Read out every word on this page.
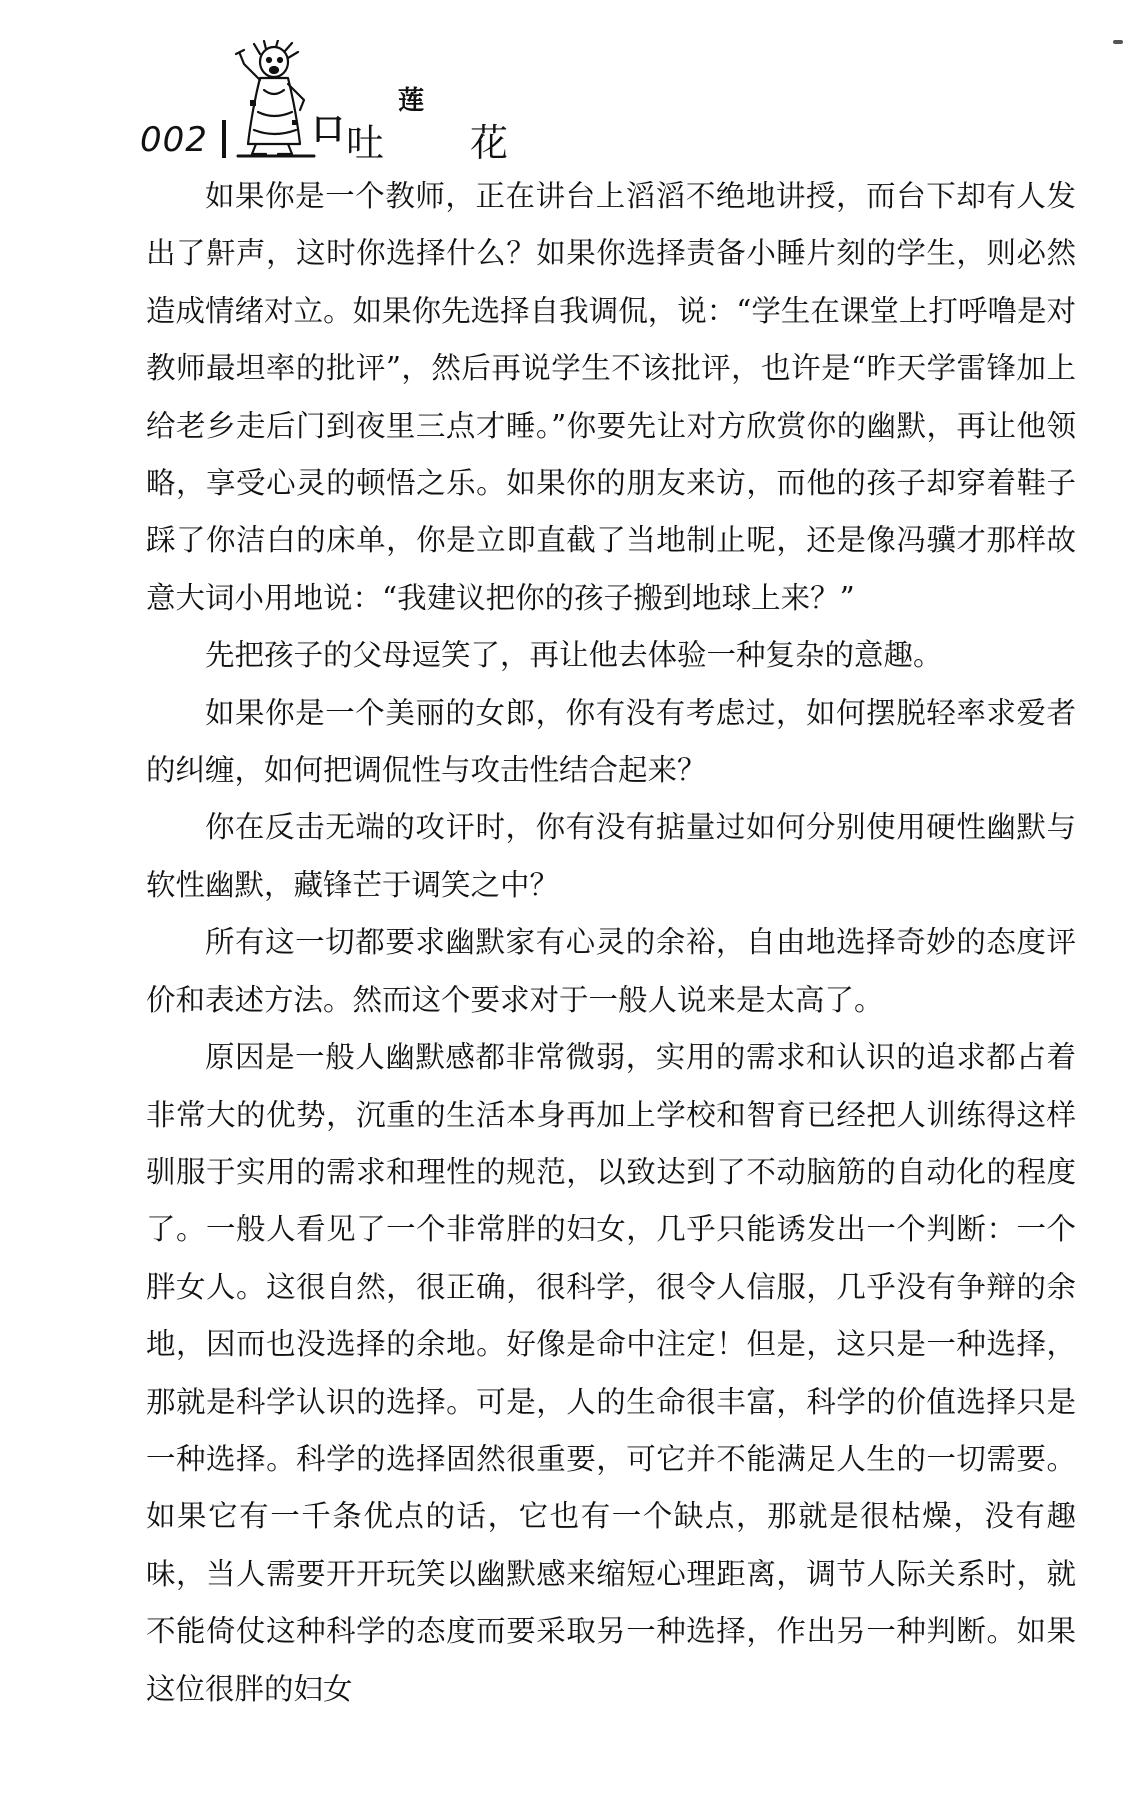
002	口 吐
莲
花

如果你是一个教师，正在讲台上滔滔不绝地讲授，而台下却有人发出了鼾声，这时你选择什么？如果你选择责备小睡片刻的学生，则必然造成情绪对立。如果你先选择自我调侃，说：“学生在课堂上打呼噜是对教师最坦率的批评”，然后再说学生不该批评，也许是“昨天学雷锋加上给老乡走后门到夜里三点才睡。”你要先让对方欣赏你的幽默，再让他领略，享受心灵的顿悟之乐。如果你的朋友来访，而他的孩子却穿着鞋子踩了你洁白的床单，你是立即直截了当地制止呢，还是像冯骥才那样故意大词小用地说：“我建议把你的孩子搬到地球上来？”

先把孩子的父母逗笑了，再让他去体验一种复杂的意趣。

如果你是一个美丽的女郎，你有没有考虑过，如何摆脱轻率求爱者的纠缠，如何把调侃性与攻击性结合起来？

你在反击无端的攻讦时，你有没有掂量过如何分别使用硬性幽默与软性幽默，藏锋芒于调笑之中？

所有这一切都要求幽默家有心灵的余裕，自由地选择奇妙的态度评价和表述方法。然而这个要求对于一般人说来是太高了。

原因是一般人幽默感都非常微弱，实用的需求和认识的追求都占着非常大的优势，沉重的生活本身再加上学校和智育已经把人训练得这样驯服于实用的需求和理性的规范，以致达到了不动脑筋的自动化的程度了。一般人看见了一个非常胖的妇女，几乎只能诱发出一个判断：一个胖女人。这很自然，很正确，很科学，很令人信服，几乎没有争辩的余地，因而也没选择的余地。好像是命中注定！但是，这只是一种选择，那就是科学认识的选择。可是，人的生命很丰富，科学的价值选择只是一种选择。科学的选择固然很重要，可它并不能满足人生的一切需要。如果它有一千条优点的话，它也有一个缺点，那就是很枯燥，没有趣味，当人需要开开玩笑以幽默感来缩短心理距离，调节人际关系时，就不能倚仗这种科学的态度而要采取另一种选择，作出另一种判断。如果这位很胖的妇女
